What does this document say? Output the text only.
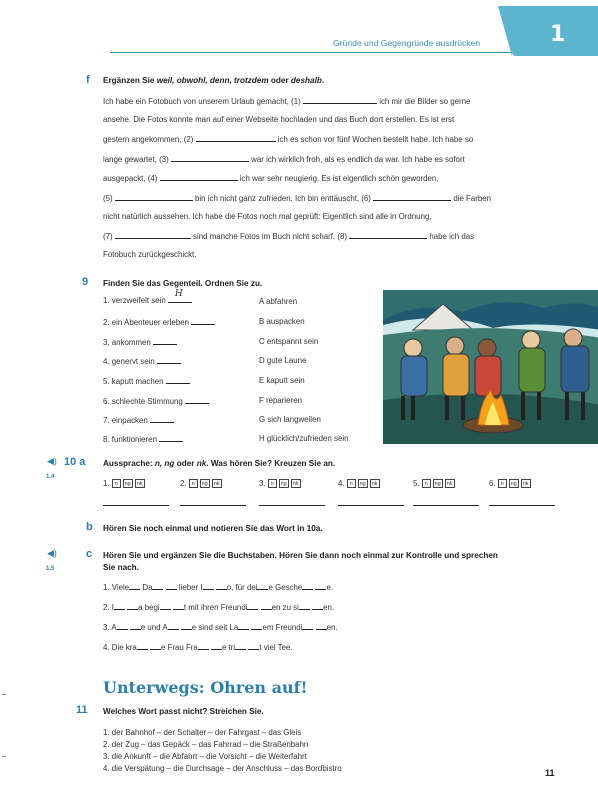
1
Gründe und Gegengründe ausdrücken
f Ergänzen Sie weil, obwohl, denn, trotzdem oder deshalb.
Ich habe ein Fotobuch von unserem Urlaub gemacht, (1)	ich mir die Bilder so gerne
ansehe. Die Fotos konnte man auf einer Webseite hochladen und das Buch dort erstellen. Es ist erst
gestern angekommen, (2)	ich es schon vor fünf Wochen bestellt habe. Ich habe so
lange gewartet, (3)	war ich wirklich froh, als es endlich da war. Ich habe es sofort
ausgepackt, (4)	ich war sehr neugierig. Es ist eigentlich schön geworden,
(5)	bin ich nicht ganz zufrieden. Ich bin enttäuscht, (6)	die Farben
nicht natürlich aussehen. Ich habe die Fotos noch mal geprüft: Eigentlich sind alle in Ordnung,
(7)	sind manche Fotos im Buch nicht scharf. (8)	habe ich das
Fotobuch zurückgeschickt.
9 Finden Sie das Gegenteil. Ordnen Sie zu.
1. verzweifelt sein
H
2. ein Abenteuer erleben
3. ankommen
4. genervt sein
5. kaputt machen
6. schlechte Stimmung
7. einpacken
8. funktionieren
A abfahren
B auspacken
C entspannt sein
D gute Laune
E kaputt sein
F reparieren
G sich langweilen
H glücklich/zufrieden sein
◀) 10 a
1.4
Aussprache: n, ng oder nk. Was hören Sie? Kreuzen Sie an.
1. n	ng	nk	2. n	ng	nk	3. n	ng	nk	4. n	ng	nk	5. n	ng	nk	6. n	ng	nk
b Hören Sie noch einmal und notieren Sie das Wort in 10a.
◀)	c
1.5
Hören Sie und ergänzen Sie die Buchstaben. Hören Sie dann noch einmal zur Kontrolle und sprechen
Sie nach.
1. Viele Da	lieber I	o, für dei e Gesche	e.
2. I	a begi	t mit ihren Freundi	en zu si	en.
3. A	e und A	e sind seit La	em Freundi	en.
4. Die kra	e Frau Fra	e tri	t viel Tee.
Unterwegs: Ohren auf!
11 Welches Wort passt nicht? Streichen Sie.
1. der Bahnhof – der Schalter – der Fahrgast – das Gleis
2. der Zug – das Gepäck – das Fahrrad – die Straßenbahn
3. die Ankunft – die Abfahrt – die Vorsicht – die Weiterfahrt
4. die Verspätung – die Durchsage – der Anschluss – das Bordbistro	11
